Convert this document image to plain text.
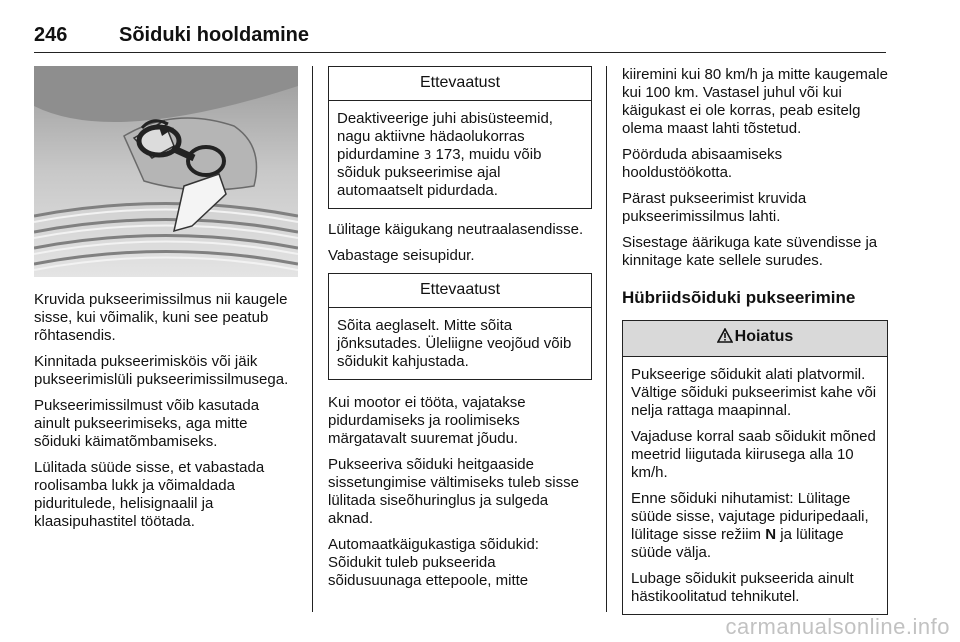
246	Sõiduki hooldamine

Kruvida pukseerimissilmus nii kaugele sisse, kui võimalik, kuni see peatub rõhtasendis.

Kinnitada pukseerimisköis või jäik pukseerimislüli pukseerimissilmusega.

Pukseerimissilmust võib kasutada ainult pukseerimiseks, aga mitte sõiduki käimatõmbamiseks.

Lülitada süüde sisse, et vabastada roolisamba lukk ja võimaldada piduritulede, helisignaalil ja klaasipuhastitel töötada.

Ettevaatust

Deaktiveerige juhi abisüsteemid, nagu aktiivne hädaolukorras pidurdamine 3 173, muidu võib sõiduk pukseerimise ajal automaatselt pidurdada.

Lülitage käigukang neutraalasendisse.

Vabastage seisupidur.

Ettevaatust

Sõita aeglaselt. Mitte sõita jõnksutades. Üleliigne veojõud võib sõidukit kahjustada.

Kui mootor ei tööta, vajatakse pidurdamiseks ja roolimiseks märgatavalt suuremat jõudu.

Pukseeriva sõiduki heitgaaside sissetungimise vältimiseks tuleb sisse lülitada siseõhuringlus ja sulgeda aknad.

Automaatkäigukastiga sõidukid: Sõidukit tuleb pukseerida sõidusuunaga ettepoole, mitte

kiiremini kui 80 km/h ja mitte kaugemale kui 100 km. Vastasel juhul või kui käigukast ei ole korras, peab esitelg olema maast lahti tõstetud.

Pöörduda abisaamiseks hooldustöökotta.

Pärast pukseerimist kruvida pukseerimissilmus lahti.

Sisestage äärikuga kate süvendisse ja kinnitage kate sellele surudes.

Hübriidsõiduki pukseerimine
Hoiatus

Pukseerige sõidukit alati platvormil. Vältige sõiduki pukseerimist kahe või nelja rattaga maapinnal.

Vajaduse korral saab sõidukit mõned meetrid liigutada kiirusega alla 10 km/h.

Enne sõiduki nihutamist: Lülitage süüde sisse, vajutage piduripedaali, lülitage sisse režiim N ja lülitage süüde välja.

Lubage sõidukit pukseerida ainult hästikoolitatud tehnikutel.

carmanualsonline.info
